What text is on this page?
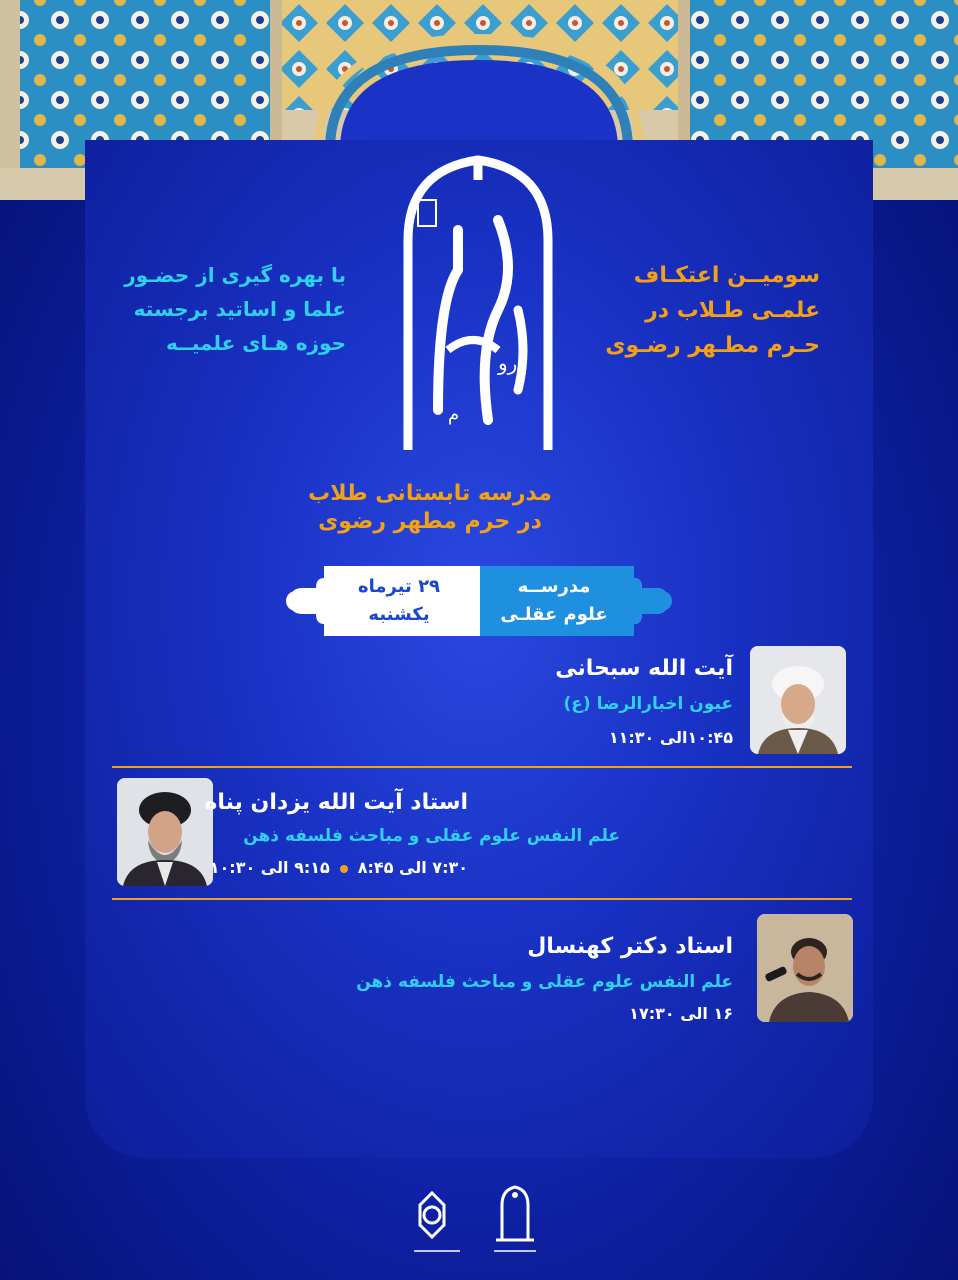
رو
م
سومیــن اعتکـاف
علمـی طـلاب در
حـرم مطـهر رضـوی
با بهره گیری از حضـور
علما و اساتید برجسته
حوزه هـای علمیــه
مدرسه تابستانی طلاب
در حرم مطهر رضوی
۲۹ تیرماه
یکشنبه
مدرســه
علوم عقلـی
آیت الله سبحانی
عیون اخبارالرضا (ع)
۱۰:۴۵الی ۱۱:۳۰
استاد آیت الله یزدان پناه
علم النفس علوم عقلی و مباحث فلسفه ذهن
۷:۳۰ الی ۸:۴۵۹:۱۵ الی ۱۰:۳۰
استاد دکتر کهنسال
علم النفس علوم عقلی و مباحث فلسفه ذهن
۱۶ الی ۱۷:۳۰
